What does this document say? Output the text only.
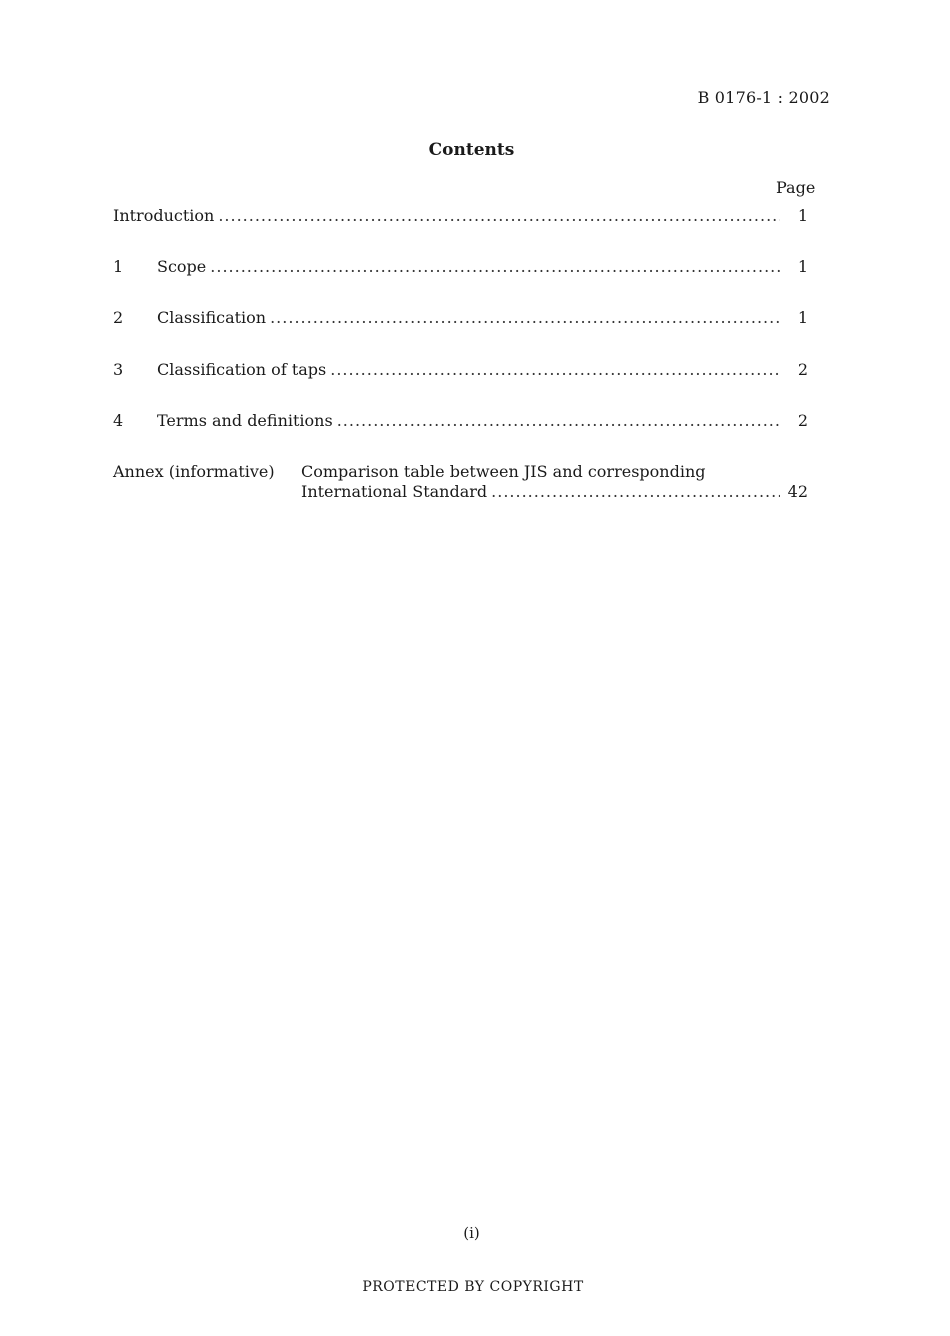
B 0176-1 : 2002
Contents
Page
Introduction .....	1
1	Scope .....	1
2	Classification .....	1
3	Classification of taps .....	2
4	Terms and definitions .....	2
Annex (informative) Comparison table between JIS and corresponding
International Standard .....	42
(i)
PROTECTED BY COPYRIGHT
